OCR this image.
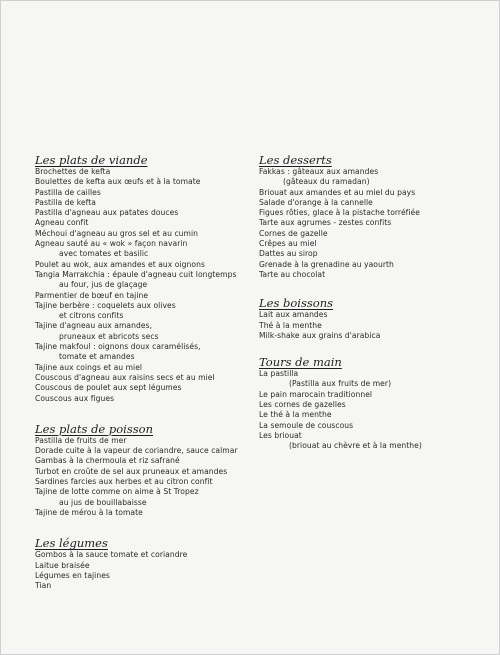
Les plats de viande
Brochettes de kefta
Boulettes de kefta aux œufs et à la tomate
Pastilla de cailles
Pastilla de kefta
Pastilla d'agneau aux patates douces
Agneau confit
Méchoui d'agneau au gros sel et au cumin
Agneau sauté au « wok » façon navarin
avec tomates et basilic
Poulet au wok, aux amandes et aux oignons
Tangia Marrakchia : épaule d'agneau cuit longtemps
au four, jus de glaçage
Parmentier de bœuf en tajine
Tajine berbère : coquelets aux olives
et citrons confits
Tajine d'agneau aux amandes,
pruneaux et abricots secs
Tajine makfoul : oignons doux caramélisés,
tomate et amandes
Tajine aux coings et au miel
Couscous d'agneau aux raisins secs et au miel
Couscous de poulet aux sept légumes
Couscous aux figues
Les plats de poisson
Pastilla de fruits de mer
Dorade cuite à la vapeur de coriandre, sauce calmar
Gambas à la chermoula et riz safrané
Turbot en croûte de sel aux pruneaux et amandes
Sardines farcies aux herbes et au citron confit
Tajine de lotte comme on aime à St Tropez
au jus de bouillabaisse
Tajine de mérou à la tomate
Les légumes
Gombos à la sauce tomate et coriandre
Laitue braisée
Légumes en tajines
Tian
Les desserts
Fakkas : gâteaux aux amandes
(gâteaux du ramadan)
Briouat aux amandes et au miel du pays
Salade d'orange à la cannelle
Figues rôties, glace à la pistache torréfiée
Tarte aux agrumes - zestes confits
Cornes de gazelle
Crêpes au miel
Dattes au sirop
Grenade à la grenadine au yaourth
Tarte au chocolat
Les boissons
Lait aux amandes
Thé à la menthe
Milk-shake aux grains d'arabica
Tours de main
La pastilla
(Pastilla aux fruits de mer)
Le pain marocain traditionnel
Les cornes de gazelles
Le thé à la menthe
La semoule de couscous
Les briouat
(briouat au chèvre et à la menthe)
